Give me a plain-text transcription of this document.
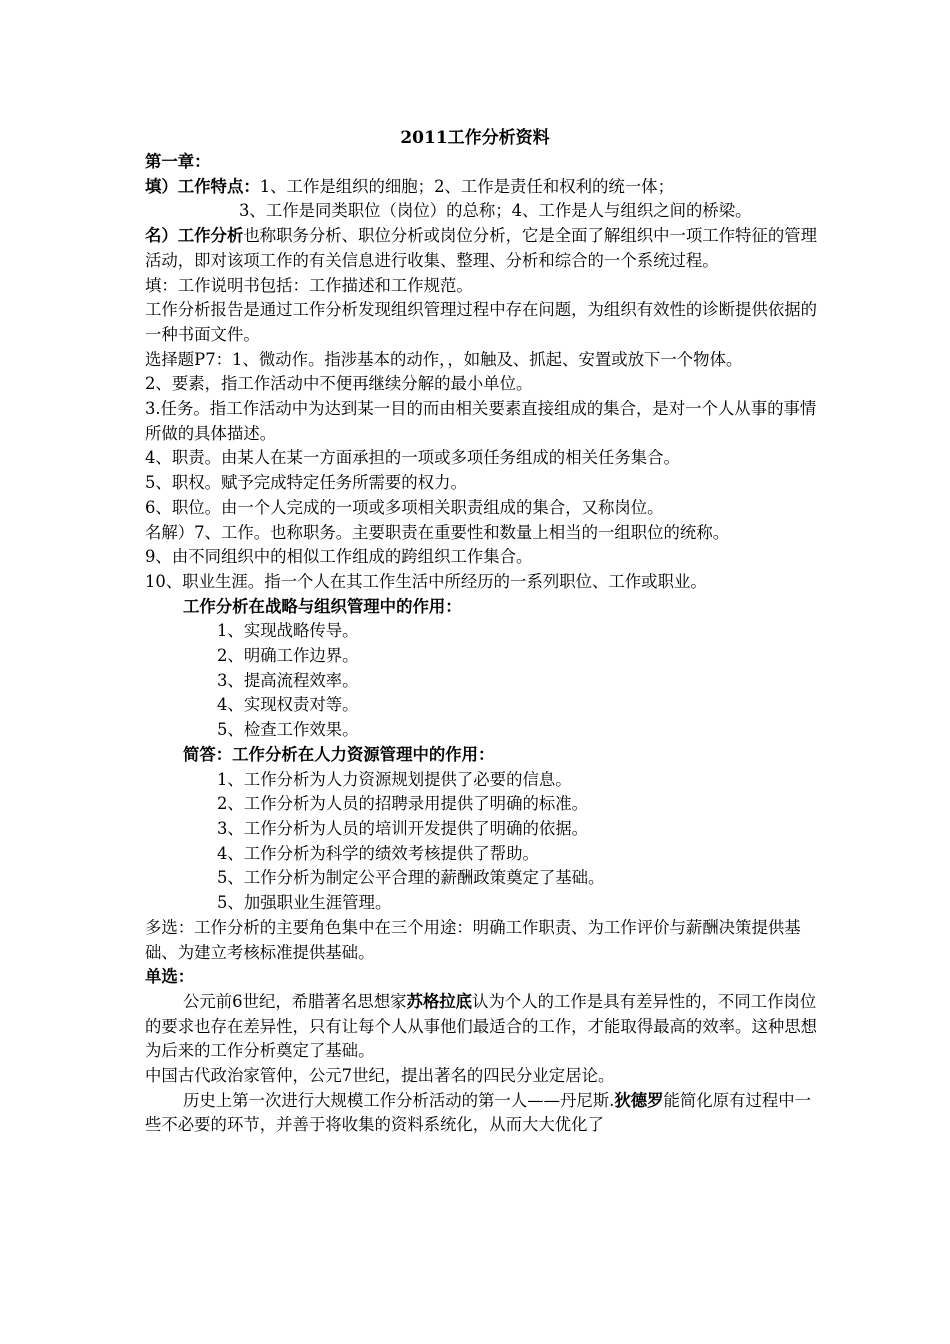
2011工作分析资料

第一章：

填）工作特点：1、工作是组织的细胞；2、工作是责任和权利的统一体；

3、工作是同类职位（岗位）的总称；4、工作是人与组织之间的桥梁。

名）工作分析也称职务分析、职位分析或岗位分析，它是全面了解组织中一项工作特征的管理活动，即对该项工作的有关信息进行收集、整理、分析和综合的一个系统过程。

填：工作说明书包括：工作描述和工作规范。

工作分析报告是通过工作分析发现组织管理过程中存在问题，为组织有效性的诊断提供依据的一种书面文件。

选择题P7：1、微动作。指涉基本的动作，，如触及、抓起、安置或放下一个物体。

2、要素，指工作活动中不便再继续分解的最小单位。

3.任务。指工作活动中为达到某一目的而由相关要素直接组成的集合，是对一个人从事的事情所做的具体描述。

4、职责。由某人在某一方面承担的一项或多项任务组成的相关任务集合。

5、职权。赋予完成特定任务所需要的权力。

6、职位。由一个人完成的一项或多项相关职责组成的集合，又称岗位。

名解）7、工作。也称职务。主要职责在重要性和数量上相当的一组职位的统称。

9、由不同组织中的相似工作组成的跨组织工作集合。

10、职业生涯。指一个人在其工作生活中所经历的一系列职位、工作或职业。

工作分析在战略与组织管理中的作用：

1、实现战略传导。

2、明确工作边界。

3、提高流程效率。

4、实现权责对等。

5、检查工作效果。

简答：工作分析在人力资源管理中的作用：

1、工作分析为人力资源规划提供了必要的信息。

2、工作分析为人员的招聘录用提供了明确的标准。

3、工作分析为人员的培训开发提供了明确的依据。

4、工作分析为科学的绩效考核提供了帮助。

5、工作分析为制定公平合理的薪酬政策奠定了基础。

5、加强职业生涯管理。

多选：工作分析的主要角色集中在三个用途：明确工作职责、为工作评价与薪酬决策提供基础、为建立考核标准提供基础。

单选：

公元前6世纪，希腊著名思想家苏格拉底认为个人的工作是具有差异性的，不同工作岗位的要求也存在差异性，只有让每个人从事他们最适合的工作，才能取得最高的效率。这种思想为后来的工作分析奠定了基础。

中国古代政治家管仲，公元7世纪，提出著名的四民分业定居论。

历史上第一次进行大规模工作分析活动的第一人——丹尼斯.狄德罗能简化原有过程中一些不必要的环节，并善于将收集的资料系统化，从而大大优化了
